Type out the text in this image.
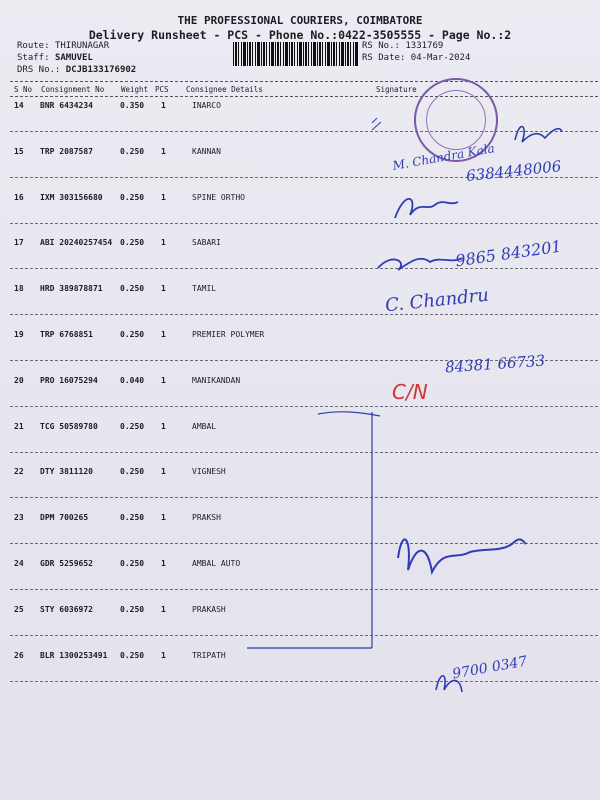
THE PROFESSIONAL COURIERS, COIMBATORE
Delivery Runsheet - PCS - Phone No.:0422-3505555 - Page No.:2
Route: THIRUNAGAR
Staff: SAMUVEL
DRS No.: DCJB133176902
RS No.: 1331769
RS Date: 04-Mar-2024
S No Consignment No Weight PCS Consignee Details	Signature
14 BNR 6434234	0.350 1	INARCO
15 TRP 2087587	0.250 1	KANNAN
16 IXM 303156680 0.250 1	SPINE ORTHO
17 ABI 20240257454 0.250 1	SABARI
18 HRD 389878871 0.250 1	TAMIL
19 TRP 6768851	0.250 1	PREMIER POLYMER
20 PRO 16075294	0.040 1	MANIKANDAN
21 TCG 50589780	0.250 1	AMBAL
22 DTY 3811120	0.250 1	VIGNESH
23 DPM 700265	0.250 1	PRAKSH
24 GDR 5259652	0.250 1	AMBAL AUTO
25 STY 6036972	0.250 1	PRAKASH
26 BLR 1300253491 0.250 1	TRIPATH
M. Chandra Kala
6384448006
9865 843201
C. Chandru
84381 66733
C/N
9700 0347
